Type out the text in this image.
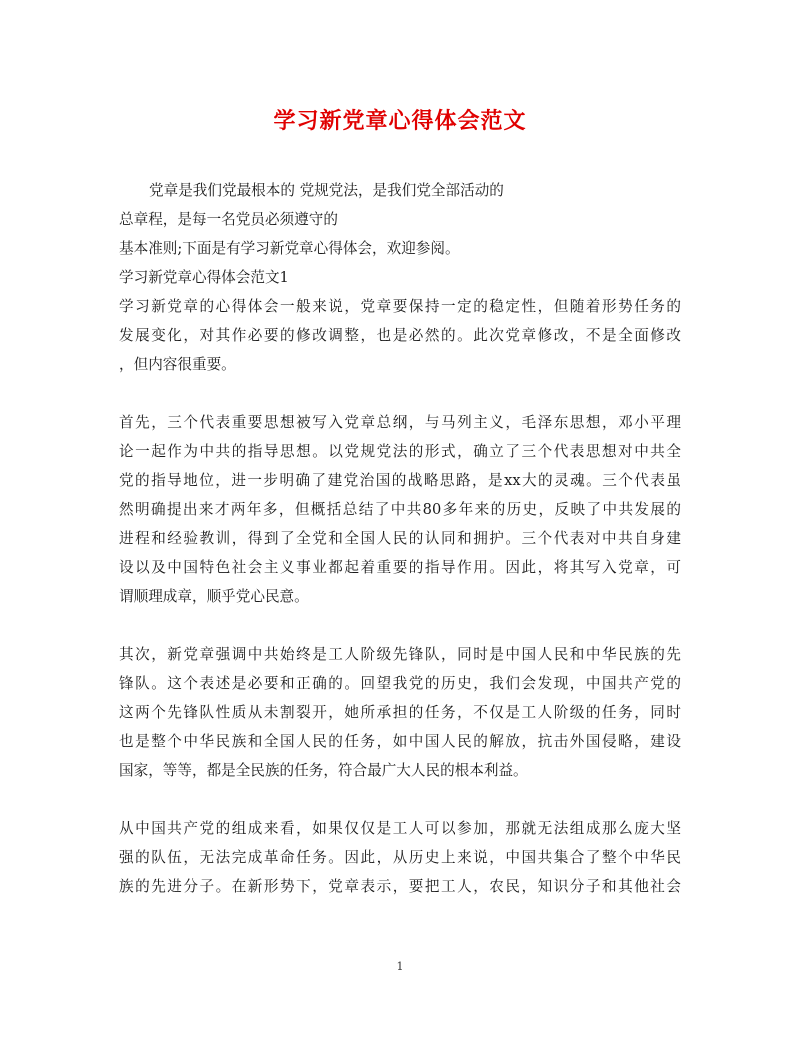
学习新党章心得体会范文
党章是我们党最根本的 党规党法，是我们党全部活动的
总章程，是每一名党员必须遵守的
基本准则;下面是有学习新党章心得体会，欢迎参阅。
学习新党章心得体会范文1
学习新党章的心得体会一般来说，党章要保持一定的稳定性，但随着形势任务的
发展变化，对其作必要的修改调整，也是必然的。此次党章修改，不是全面修改
，但内容很重要。
首先，三个代表重要思想被写入党章总纲，与马列主义，毛泽东思想，邓小平理
论一起作为中共的指导思想。以党规党法的形式，确立了三个代表思想对中共全
党的指导地位，进一步明确了建党治国的战略思路，是xx大的灵魂。三个代表虽
然明确提出来才两年多，但概括总结了中共80多年来的历史，反映了中共发展的
进程和经验教训，得到了全党和全国人民的认同和拥护。三个代表对中共自身建
设以及中国特色社会主义事业都起着重要的指导作用。因此，将其写入党章，可
谓顺理成章，顺乎党心民意。
其次，新党章强调中共始终是工人阶级先锋队，同时是中国人民和中华民族的先
锋队。这个表述是必要和正确的。回望我党的历史，我们会发现，中国共产党的
这两个先锋队性质从未割裂开，她所承担的任务，不仅是工人阶级的任务，同时
也是整个中华民族和全国人民的任务，如中国人民的解放，抗击外国侵略，建设
国家，等等，都是全民族的任务，符合最广大人民的根本利益。
从中国共产党的组成来看，如果仅仅是工人可以参加，那就无法组成那么庞大坚
强的队伍，无法完成革命任务。因此，从历史上来说，中国共集合了整个中华民
族的先进分子。在新形势下，党章表示，要把工人，农民，知识分子和其他社会
1
